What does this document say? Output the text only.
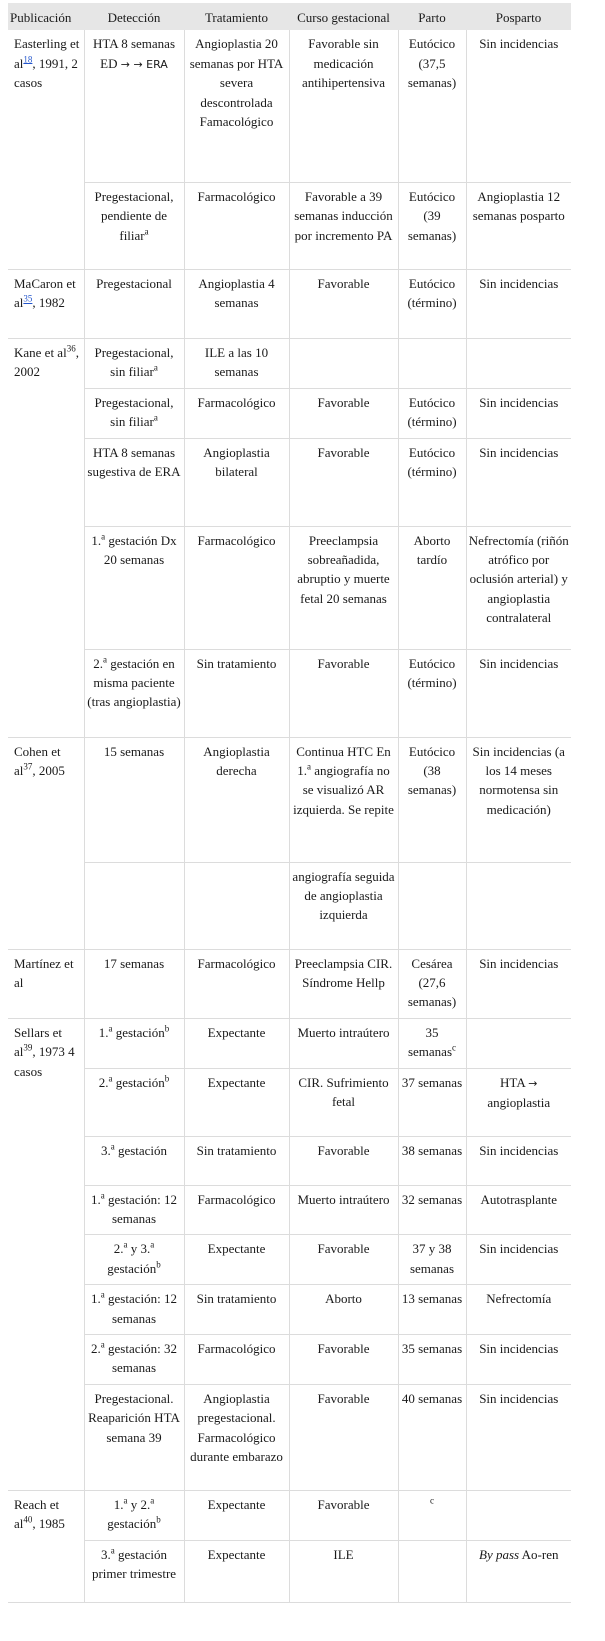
Publicación	Detección	Tratamiento	Curso gestacional	Parto	Posparto
Easterling et $al^{18}$, 1991, 2 casos	HTA 8 semanas ED → → ERA	Angioplastia 20 semanas por HTA severa descontrolada Famacológico	Favorable sin medicación antihipertensiva	Eutócico (37,5 semanas)	Sin incidencias
	Pregestacional, pendiente de filiar$^a$	Farmacológico	Favorable a 39 semanas inducción por incremento PA	Eutócico (39 semanas)	Angioplastia 12 semanas posparto
MaCaron et $al^{35}$, 1982	Pregestacional	Angioplastia 4 semanas	Favorable	Eutócico (término)	Sin incidencias
Kane et $al^{36}$, 2002	Pregestacional, sin filiar$^a$	ILE a las 10 semanas			
	Pregestacional, sin filiar$^a$	Farmacológico	Favorable	Eutócico (término)	Sin incidencias
	HTA 8 semanas sugestiva de ERA	Angioplastia bilateral	Favorable	Eutócico (término)	Sin incidencias
	1.$^a$ gestación Dx 20 semanas	Farmacológico	Preeclampsia sobreañadida, abruptio y muerte fetal 20 semanas	Aborto tardío	Nefrectomía (riñón atrófico por oclusión arterial) y angioplastia contralateral
	2.$^a$ gestación en misma paciente (tras angioplastia)	Sin tratamiento	Favorable	Eutócico (término)	Sin incidencias
Cohen et $al^{37}$, 2005	15 semanas	Angioplastia derecha	Continua HTC En 1.$^a$ angiografía no se visualizó AR izquierda. Se repite	Eutócico (38 semanas)	Sin incidencias (a los 14 meses normotensa sin medicación)
			angiografía seguida de angioplastia izquierda		
Martínez et al	17 semanas	Farmacológico	Preeclampsia CIR. Síndrome Hellp	Cesárea (27,6 semanas)	Sin incidencias
Sellars et $al^{39}$, 1973 4 casos	1.$^a$ gestación$^b$	Expectante	Muerto intraútero	35 semanas$^c$	
	2.$^a$ gestación$^b$	Expectante	CIR. Sufrimiento fetal	37 semanas	HTA → angioplastia
	3.$^a$ gestación	Sin tratamiento	Favorable	38 semanas	Sin incidencias
	1.$^a$ gestación: 12 semanas	Farmacológico	Muerto intraútero	32 semanas	Autotrasplante
	2.$^a$ y 3.$^a$ gestación$^b$	Expectante	Favorable	37 y 38 semanas	Sin incidencias
	1.$^a$ gestación: 12 semanas	Sin tratamiento	Aborto	13 semanas	Nefrectomía
	2.$^a$ gestación: 32 semanas	Farmacológico	Favorable	35 semanas	Sin incidencias
	Pregestacional. Reaparición HTA semana 39	Angioplastia pregestacional. Farmacológico durante embarazo	Favorable	40 semanas	Sin incidencias
Reach et $al^{40}$, 1985	1.$^a$ y 2.$^a$ gestación$^b$	Expectante	Favorable	$^c$	
	3.$^a$ gestación primer trimestre	Expectante	ILE		By pass Ao-ren
